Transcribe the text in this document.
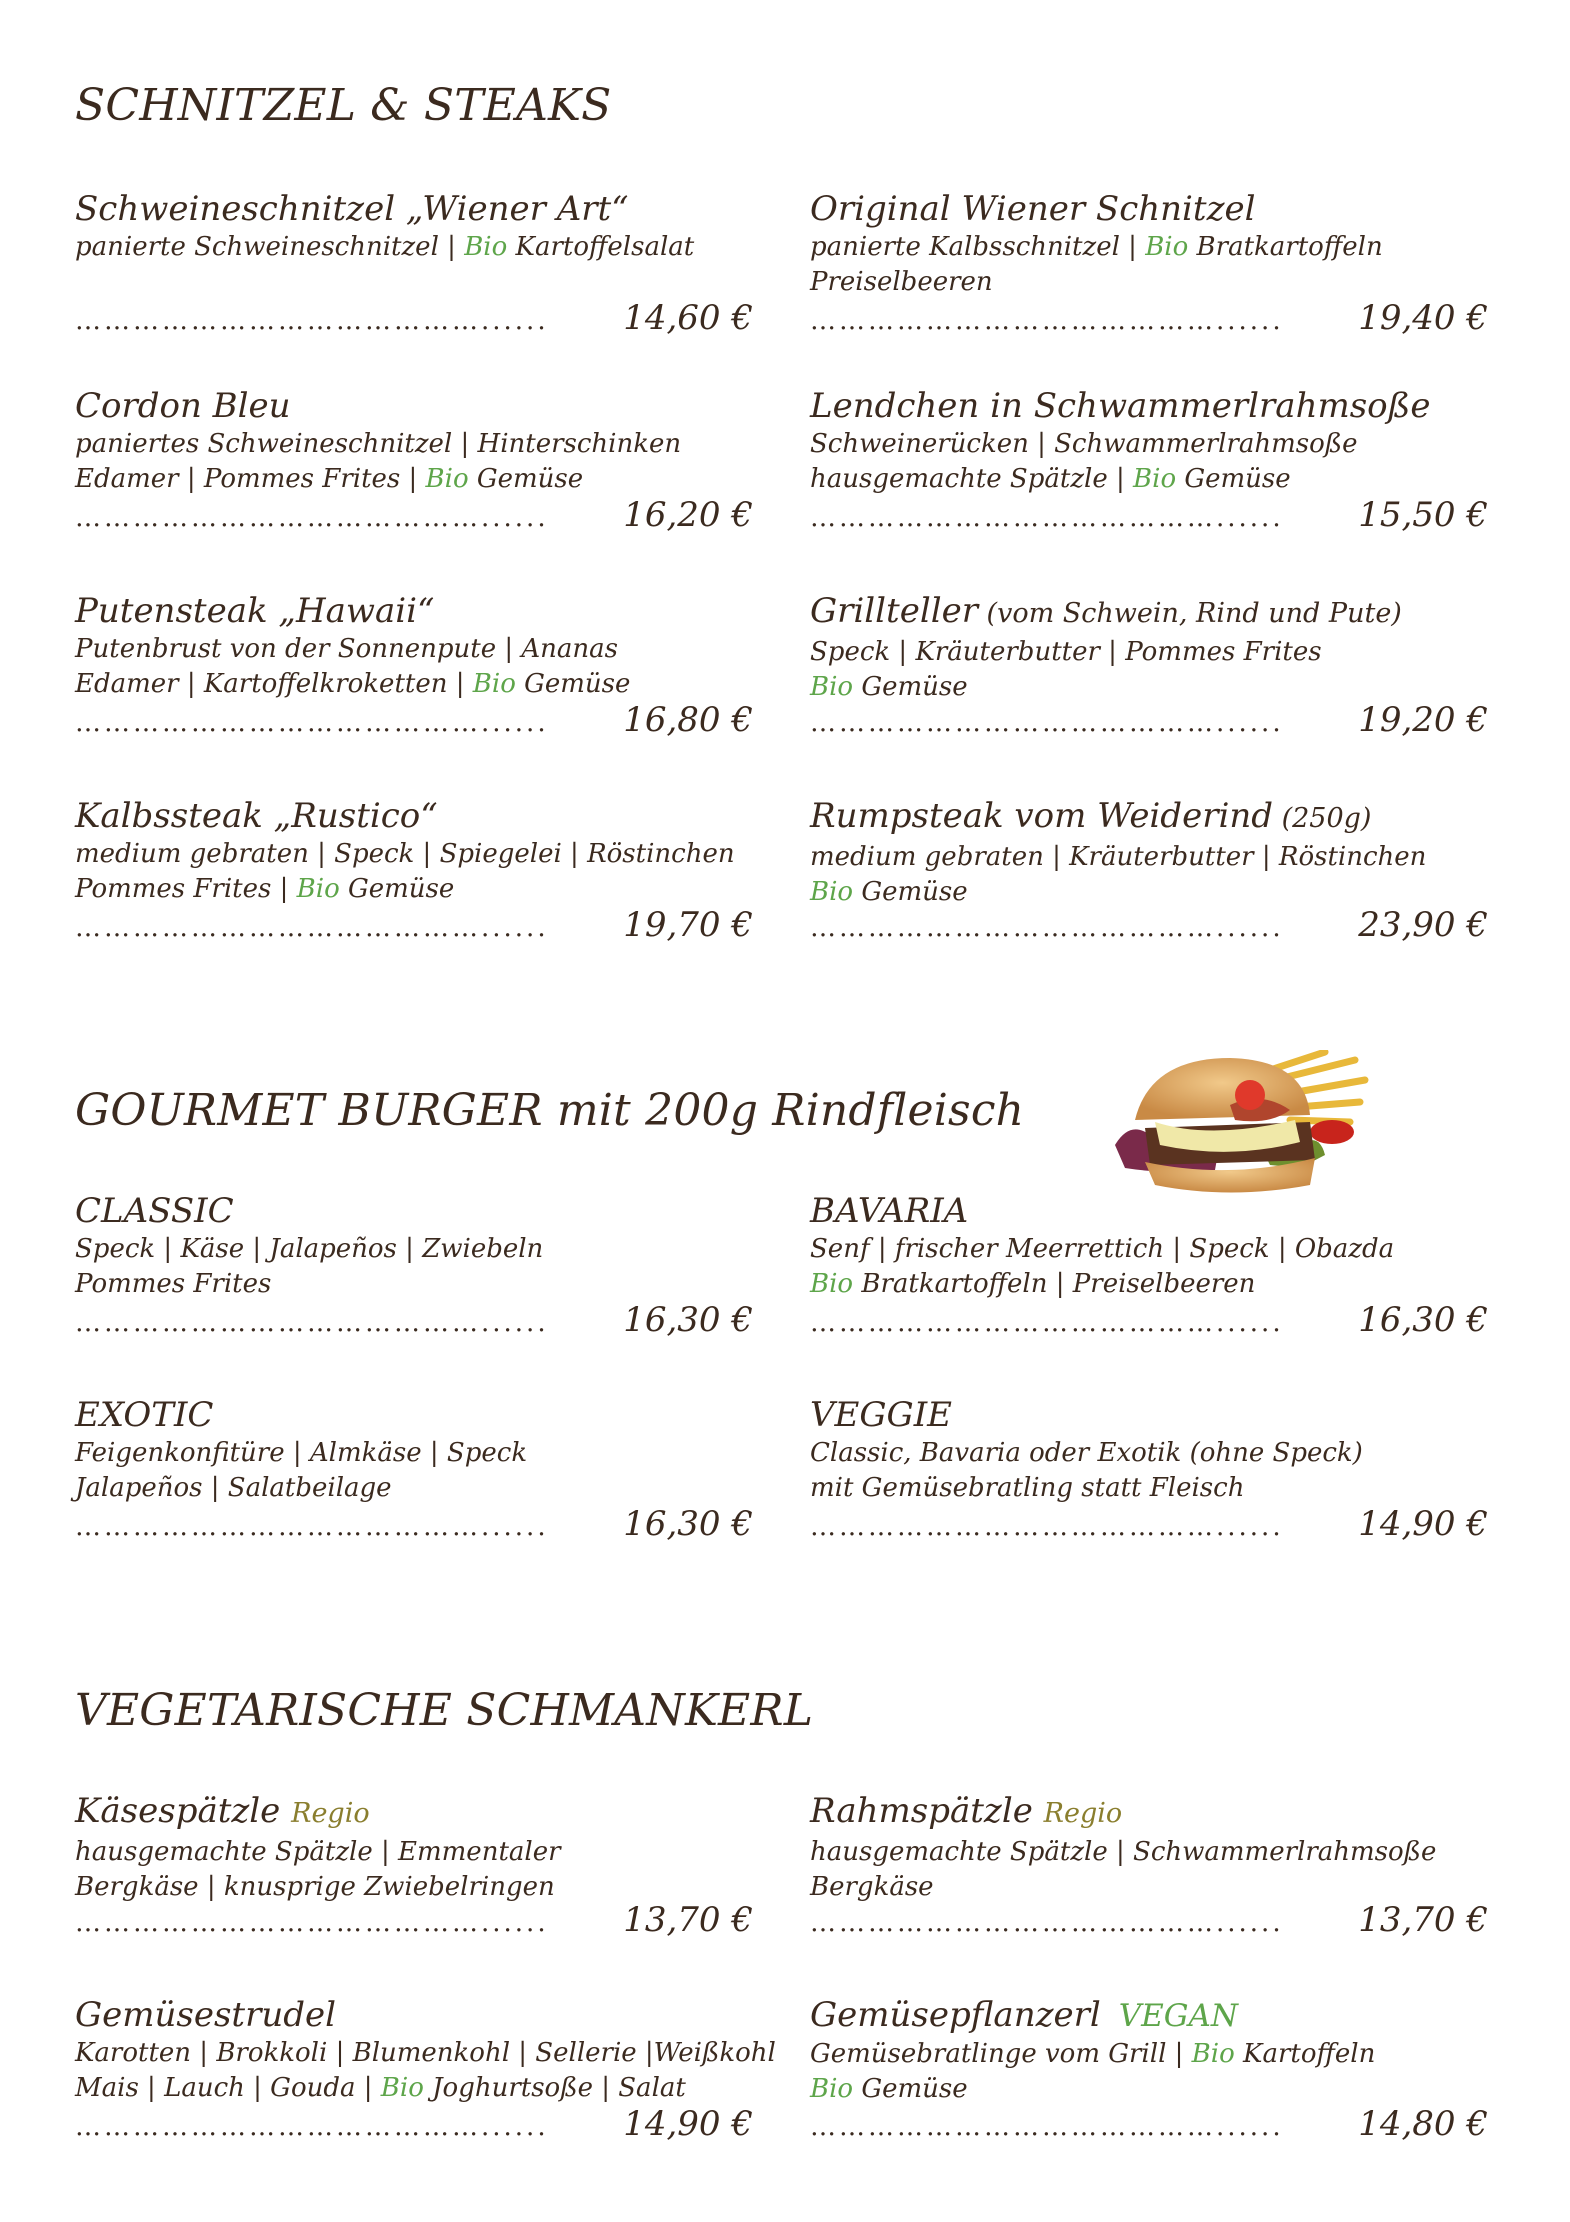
SCHNITZEL & STEAKS
GOURMET BURGER mit 200g Rindfleisch
VEGETARISCHE SCHMANKERL
Schweineschnitzel „Wiener Art“
panierte Schweineschnitzel | Bio Kartoffelsalat
……………………………………......	14,60 €
Original Wiener Schnitzel
panierte Kalbsschnitzel | Bio Bratkartoffeln
Preiselbeeren
……………………………………......	19,40 €
Cordon Bleu
paniertes Schweineschnitzel | Hinterschinken
Edamer | Pommes Frites | Bio Gemüse
……………………………………......	16,20 €
Lendchen in Schwammerlrahmsoße
Schweinerücken | Schwammerlrahmsoße
hausgemachte Spätzle | Bio Gemüse
……………………………………......	15,50 €
Putensteak „Hawaii“
Putenbrust von der Sonnenpute | Ananas
Edamer | Kartoffelkroketten | Bio Gemüse
……………………………………......	16,80 €
Grillteller (vom Schwein, Rind und Pute)
Speck | Kräuterbutter | Pommes Frites
Bio Gemüse
……………………………………......	19,20 €
Kalbssteak „Rustico“
medium gebraten | Speck | Spiegelei | Röstinchen
Pommes Frites | Bio Gemüse
……………………………………......	19,70 €
Rumpsteak vom Weiderind (250g)
medium gebraten | Kräuterbutter | Röstinchen
Bio Gemüse
……………………………………......	23,90 €
CLASSIC
Speck | Käse | Jalapeños | Zwiebeln
Pommes Frites
……………………………………......	16,30 €
BAVARIA
Senf | frischer Meerrettich | Speck | Obazda
Bio Bratkartoffeln | Preiselbeeren
……………………………………......	16,30 €
EXOTIC
Feigenkonfitüre | Almkäse | Speck
Jalapeños | Salatbeilage
……………………………………......	16,30 €
VEGGIE
Classic, Bavaria oder Exotik (ohne Speck)
mit Gemüsebratling statt Fleisch
……………………………………......	14,90 €
Käsespätzle Regio
hausgemachte Spätzle | Emmentaler
Bergkäse | knusprige Zwiebelringen
……………………………………......	13,70 €
Rahmspätzle Regio
hausgemachte Spätzle | Schwammerlrahmsoße
Bergkäse
……………………………………......	13,70 €
Gemüsestrudel
Karotten | Brokkoli | Blumenkohl | Sellerie |Weißkohl
Mais | Lauch | Gouda | Bio Joghurtsoße | Salat
……………………………………......	14,90 €
Gemüsepflanzerl VEGAN
Gemüsebratlinge vom Grill | Bio Kartoffeln
Bio Gemüse
……………………………………......	14,80 €
